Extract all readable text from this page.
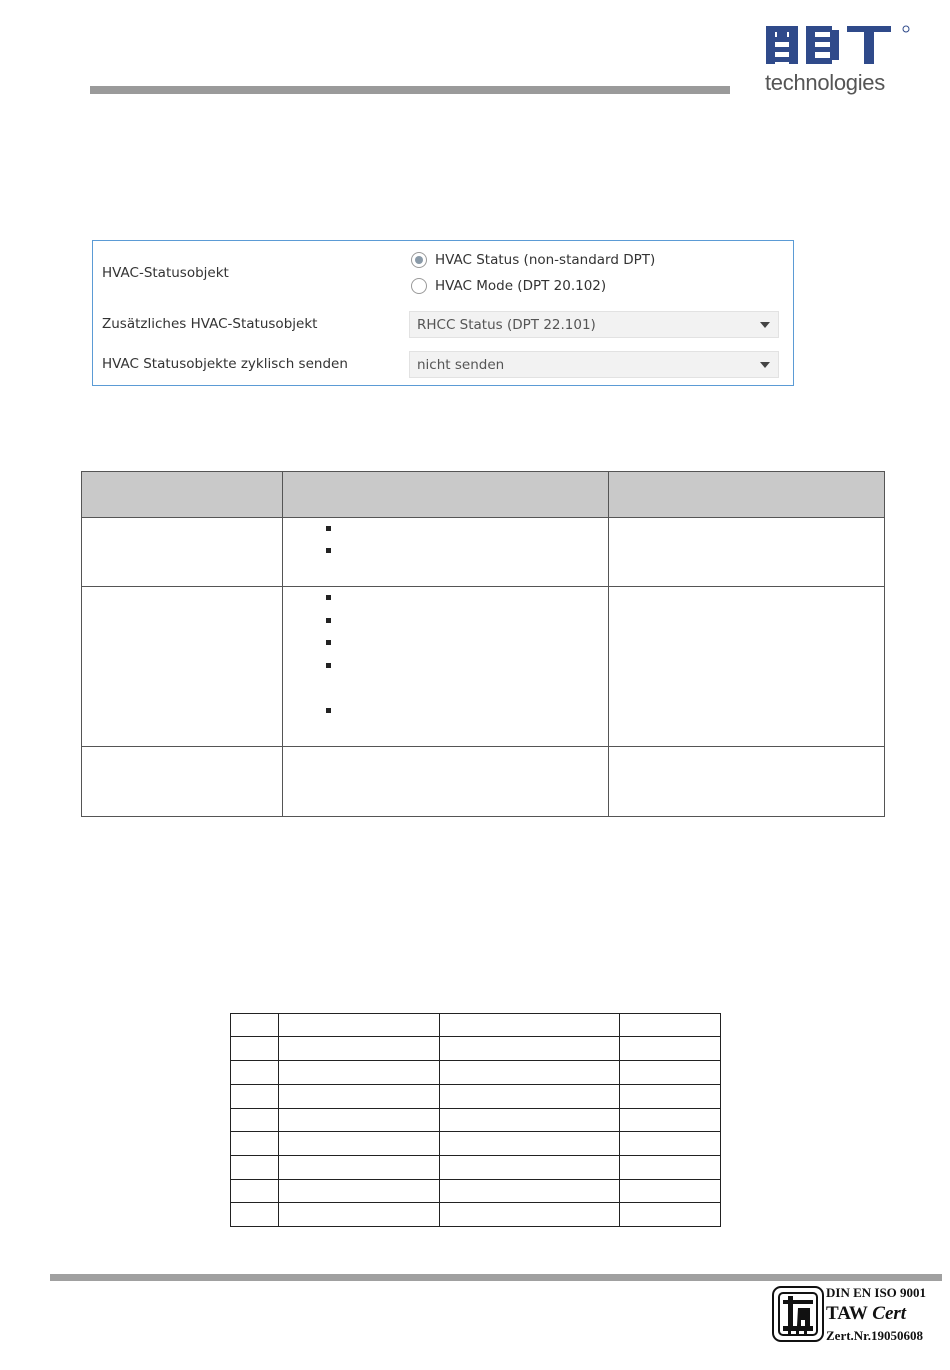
technologies
HVAC-Statusobjekt
HVAC Status (non-standard DPT)
HVAC Mode (DPT 20.102)
Zusätzliches HVAC-Statusobjekt	RHCC Status (DPT 22.101)
HVAC Statusobjekte zyklisch senden	nicht senden
DIN EN ISO 9001
TAW Cert
Zert.Nr.19050608
